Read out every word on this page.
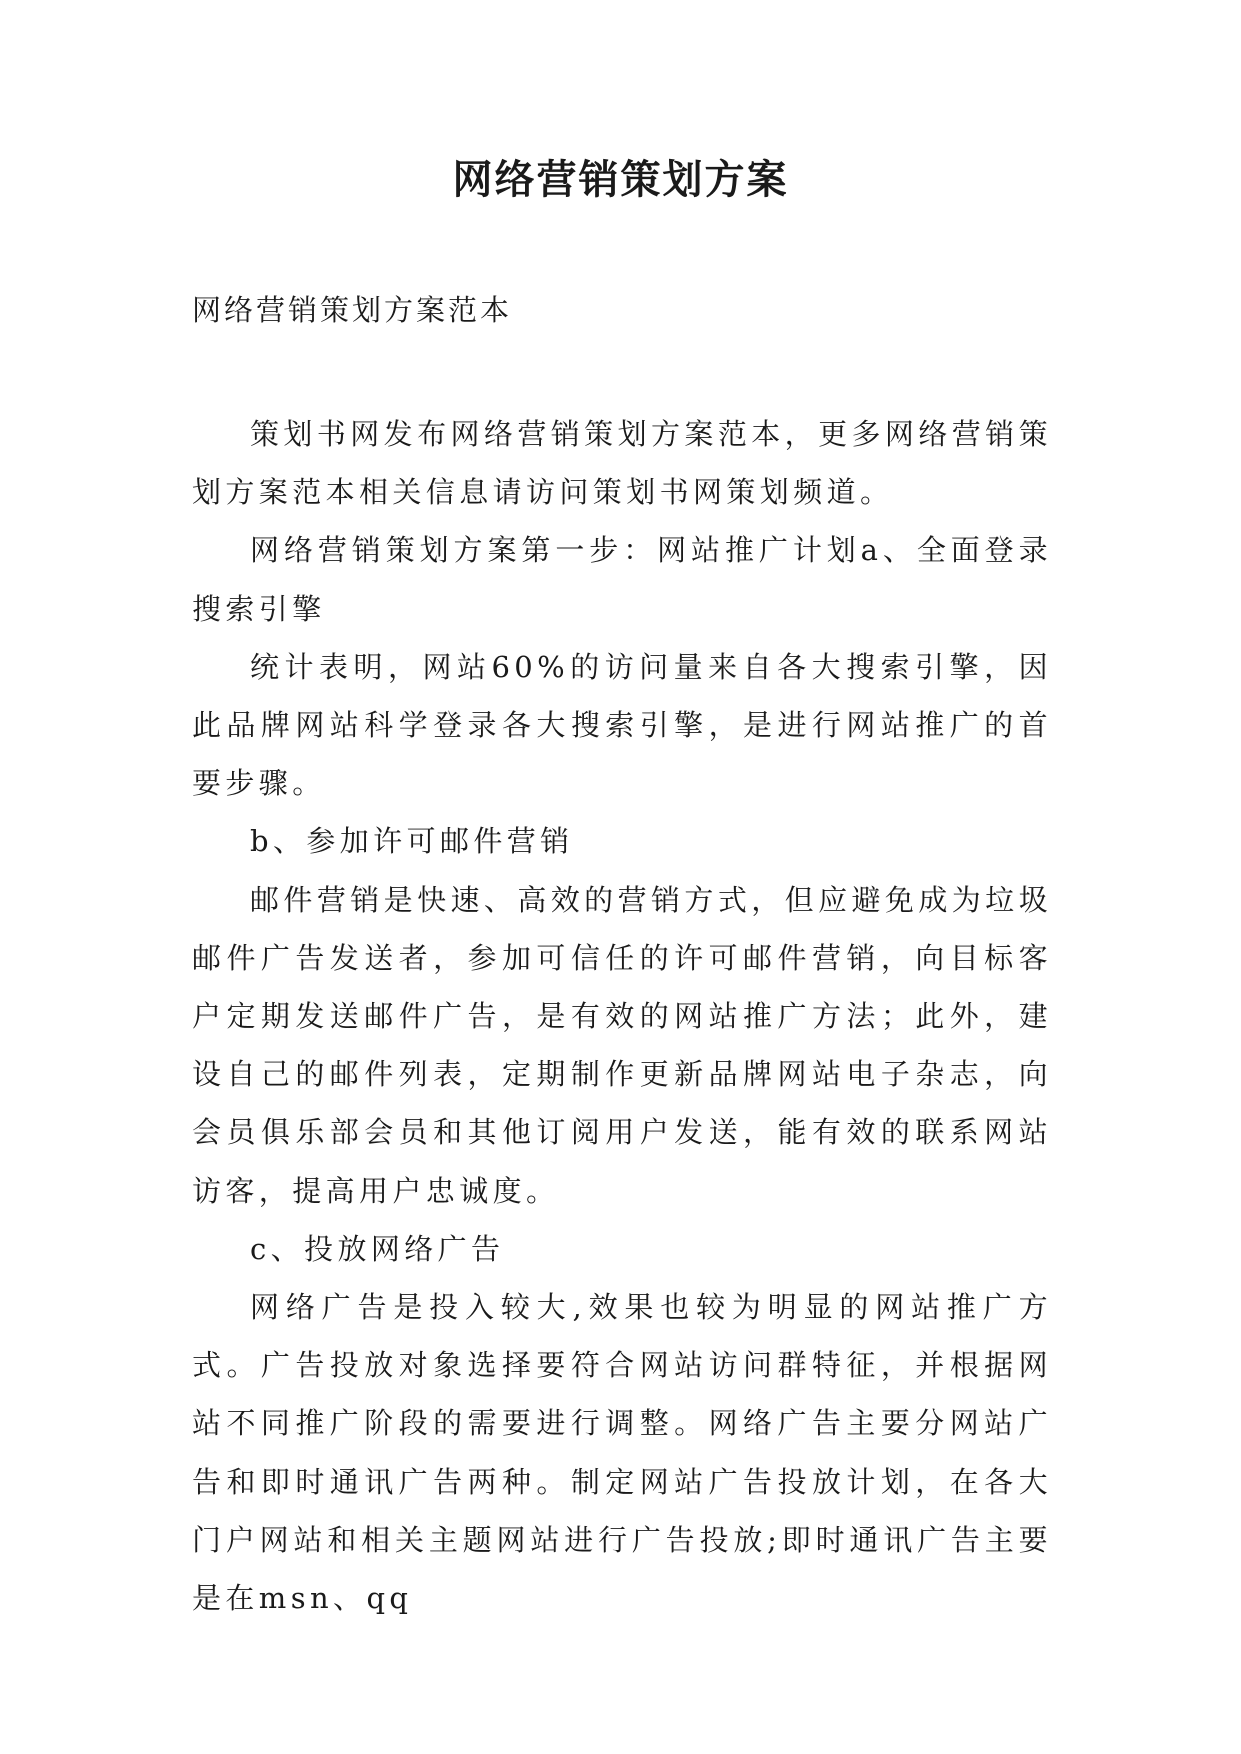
网络营销策划方案
网络营销策划方案范本

策划书网发布网络营销策划方案范本，更多网络营销策划方案范本相关信息请访问策划书网策划频道。

网络营销策划方案第一步：网站推广计划a、全面登录搜索引擎

统计表明，网站60%的访问量来自各大搜索引擎，因此品牌网站科学登录各大搜索引擎，是进行网站推广的首要步骤。

b、参加许可邮件营销

邮件营销是快速、高效的营销方式，但应避免成为垃圾邮件广告发送者，参加可信任的许可邮件营销，向目标客户定期发送邮件广告，是有效的网站推广方法；此外，建设自己的邮件列表，定期制作更新品牌网站电子杂志，向会员俱乐部会员和其他订阅用户发送，能有效的联系网站访客，提高用户忠诚度。

c、投放网络广告

网络广告是投入较大,效果也较为明显的网站推广方式。广告投放对象选择要符合网站访问群特征，并根据网站不同推广阶段的需要进行调整。网络广告主要分网站广告和即时通讯广告两种。制定网站广告投放计划，在各大门户网站和相关主题网站进行广告投放;即时通讯广告主要是在msn、qq
